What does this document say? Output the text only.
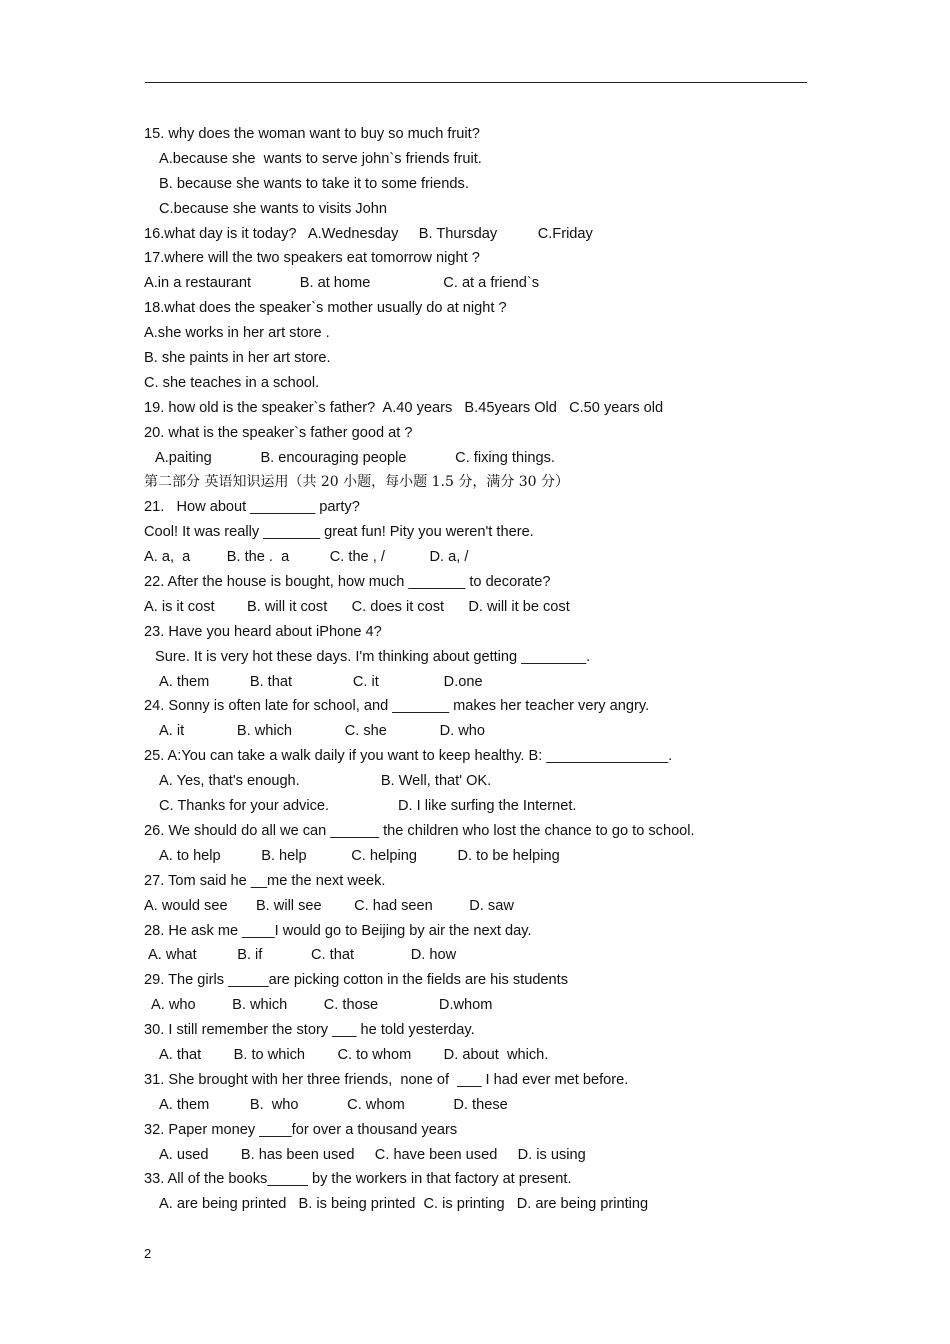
15. why does the woman want to buy so much fruit?
A.because she  wants to serve john`s friends fruit.
B. because she wants to take it to some friends.
C.because she wants to visits John
16.what day is it today?   A.Wednesday     B. Thursday          C.Friday
17.where will the two speakers eat tomorrow night ?
A.in a restaurant            B. at home                  C. at a friend`s
18.what does the speaker`s mother usually do at night ?
A.she works in her art store .
B. she paints in her art store.
C. she teaches in a school.
19. how old is the speaker`s father?  A.40 years   B.45years Old   C.50 years old
20. what is the speaker`s father good at ?
A.paiting            B. encouraging people            C. fixing things.
第二部分 英语知识运用（共 20 小题，每小题 1.5 分，满分 30 分）
21.   How about ________ party?
Cool! It was really _______ great fun! Pity you weren't there.
A. a,  a         B. the .  a          C. the , /           D. a, /
22. After the house is bought, how much _______ to decorate?
A. is it cost        B. will it cost      C. does it cost      D. will it be cost
23. Have you heard about iPhone 4?
Sure. It is very hot these days. I'm thinking about getting ________.
A. them          B. that               C. it                D.one
24. Sonny is often late for school, and _______ makes her teacher very angry.
A. it             B. which             C. she             D. who
25. A:You can take a walk daily if you want to keep healthy. B: _______________.
A. Yes, that's enough.                    B. Well, that' OK.
C. Thanks for your advice.                 D. I like surfing the Internet.
26. We should do all we can ______ the children who lost the chance to go to school.
A. to help          B. help           C. helping          D. to be helping
27. Tom said he __me the next week.
A. would see       B. will see        C. had seen         D. saw
28. He ask me ____I would go to Beijing by air the next day.
A. what          B. if            C. that              D. how
29. The girls _____are picking cotton in the fields are his students
A. who         B. which         C. those               D.whom
30. I still remember the story ___ he told yesterday.
A. that        B. to which        C. to whom        D. about  which.
31. She brought with her three friends,  none of  ___ I had ever met before.
A. them          B.  who            C. whom            D. these
32. Paper money ____for over a thousand years
A. used        B. has been used     C. have been used     D. is using
33. All of the books_____ by the workers in that factory at present.
A. are being printed   B. is being printed  C. is printing   D. are being printing
2
